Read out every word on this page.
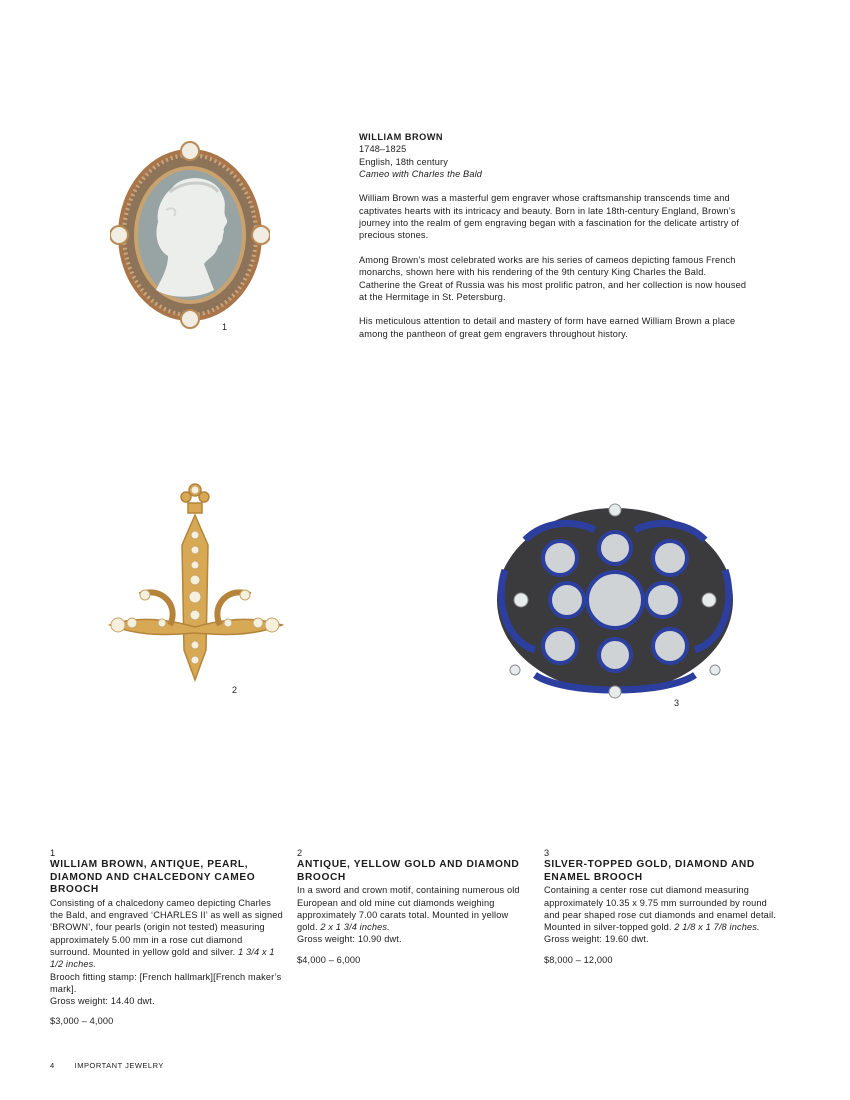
1
WILLIAM BROWN
1748–1825
English, 18th century
Cameo with Charles the Bald

William Brown was a masterful gem engraver whose craftsmanship transcends time and captivates hearts with its intricacy and beauty. Born in late 18th-century England, Brown’s journey into the realm of gem engraving began with a fascination for the delicate artistry of precious stones.

Among Brown’s most celebrated works are his series of cameos depicting famous French monarchs, shown here with his rendering of the 9th century King Charles the Bald. Catherine the Great of Russia was his most prolific patron, and her collection is now housed at the Hermitage in St. Petersburg.

His meticulous attention to detail and mastery of form have earned William Brown a place among the pantheon of great gem engravers throughout history.

2
3
1
WILLIAM BROWN, ANTIQUE, PEARL, DIAMOND AND CHALCEDONY CAMEO BROOCH
Consisting of a chalcedony cameo depicting Charles the Bald, and engraved ‘CHARLES II’ as well as signed ‘BROWN’, four pearls (origin not tested) measuring approximately 5.00 mm in a rose cut diamond surround. Mounted in yellow gold and silver. 1 3/4 x 1 1/2 inches.
Brooch fitting stamp: [French hallmark][French maker’s mark].
Gross weight: 14.40 dwt.
$3,000 – 4,000
2
ANTIQUE, YELLOW GOLD AND DIAMOND BROOCH
In a sword and crown motif, containing numerous old European and old mine cut diamonds weighing approximately 7.00 carats total. Mounted in yellow gold. 2 x 1 3/4 inches.
Gross weight: 10.90 dwt.
$4,000 – 6,000
3
SILVER-TOPPED GOLD, DIAMOND AND ENAMEL BROOCH
Containing a center rose cut diamond measuring approximately 10.35 x 9.75 mm surrounded by round and pear shaped rose cut diamonds and enamel detail. Mounted in silver-topped gold. 2 1/8 x 1 7/8 inches.
Gross weight: 19.60 dwt.
$8,000 – 12,000
4	IMPORTANT JEWELRY
